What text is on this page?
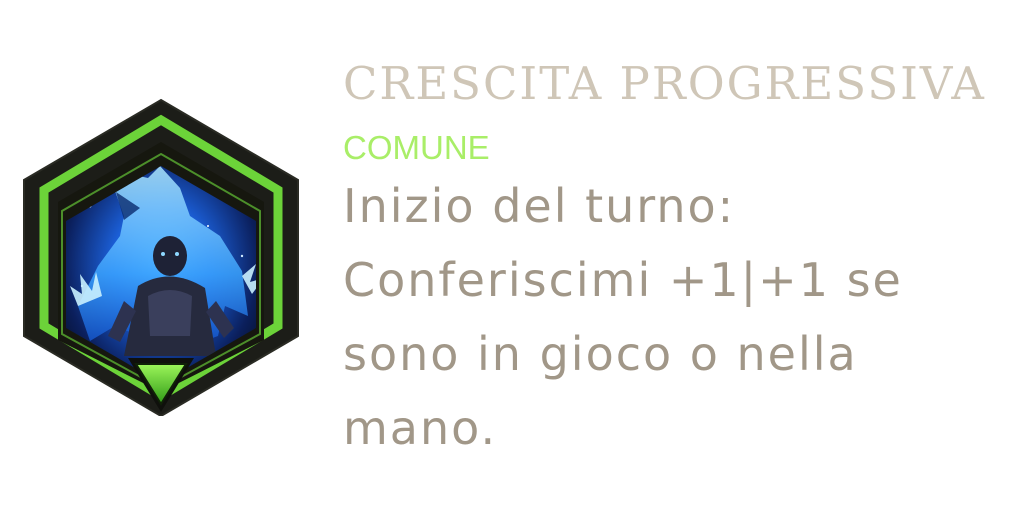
CRESCITA PROGRESSIVA
COMUNE
Inizio del turno: Conferiscimi +1|+1 se sono in gioco o nella mano.
